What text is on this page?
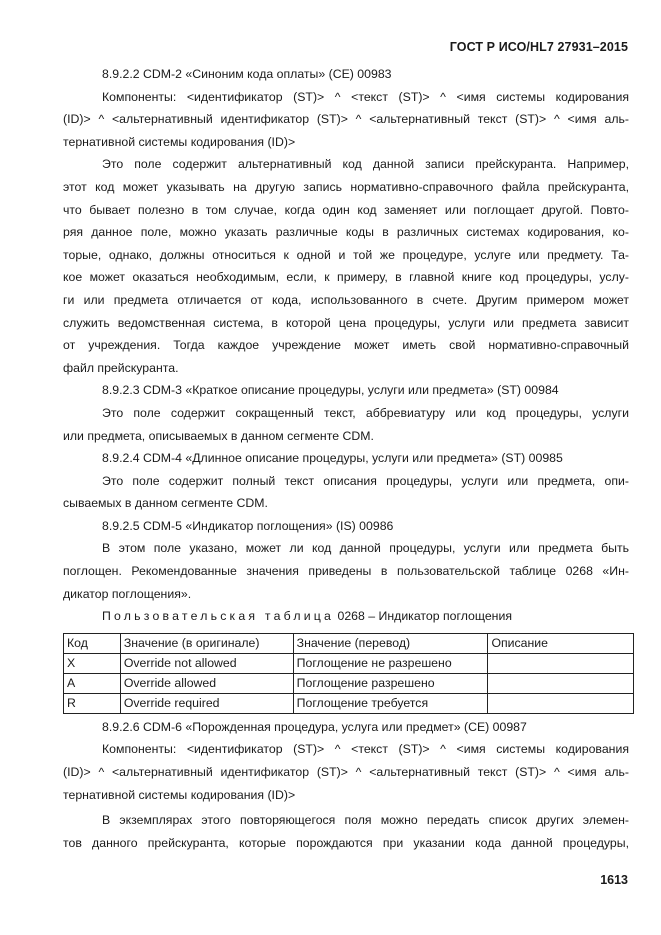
ГОСТ Р ИСО/HL7 27931–2015

8.9.2.2 CDM-2 «Синоним кода оплаты» (CE) 00983

Компоненты: <идентификатор (ST)> ^ <текст (ST)> ^ <имя системы кодирования

(ID)> ^ <альтернативный идентификатор (ST)> ^ <альтернативный текст (ST)> ^ <имя аль-

тернативной системы кодирования (ID)>

Это поле содержит альтернативный код данной записи прейскуранта. Например,

этот код может указывать на другую запись нормативно-справочного файла прейскуранта,

что бывает полезно в том случае, когда один код заменяет или поглощает другой. Повто-

ряя данное поле, можно указать различные коды в различных системах кодирования, ко-

торые, однако, должны относиться к одной и той же процедуре, услуге или предмету. Та-

кое может оказаться необходимым, если, к примеру, в главной книге код процедуры, услу-

ги или предмета отличается от кода, использованного в счете. Другим примером может

служить ведомственная система, в которой цена процедуры, услуги или предмета зависит

от учреждения. Тогда каждое учреждение может иметь свой нормативно-справочный

файл прейскуранта.

8.9.2.3 CDM-3 «Краткое описание процедуры, услуги или предмета» (ST) 00984

Это поле содержит сокращенный текст, аббревиатуру или код процедуры, услуги

или предмета, описываемых в данном сегменте CDM.

8.9.2.4 CDM-4 «Длинное описание процедуры, услуги или предмета» (ST) 00985

Это поле содержит полный текст описания процедуры, услуги или предмета, опи-

сываемых в данном сегменте CDM.

8.9.2.5 CDM-5 «Индикатор поглощения» (IS) 00986

В этом поле указано, может ли код данной процедуры, услуги или предмета быть

поглощен. Рекомендованные значения приведены в пользовательской таблице 0268 «Ин-

дикатор поглощения».

Пользовательская таблица 0268 – Индикатор поглощения

Код	Значение (в оригинале)	Значение (перевод)	Описание
X	Override not allowed	Поглощение не разрешено	
A	Override allowed	Поглощение разрешено	
R	Override required	Поглощение требуется	

8.9.2.6 CDM-6 «Порожденная процедура, услуга или предмет» (CE) 00987

Компоненты: <идентификатор (ST)> ^ <текст (ST)> ^ <имя системы кодирования

(ID)> ^ <альтернативный идентификатор (ST)> ^ <альтернативный текст (ST)> ^ <имя аль-

тернативной системы кодирования (ID)>

В экземплярах этого повторяющегося поля можно передать список других элемен-

тов данного прейскуранта, которые порождаются при указании кода данной процедуры,

1613
